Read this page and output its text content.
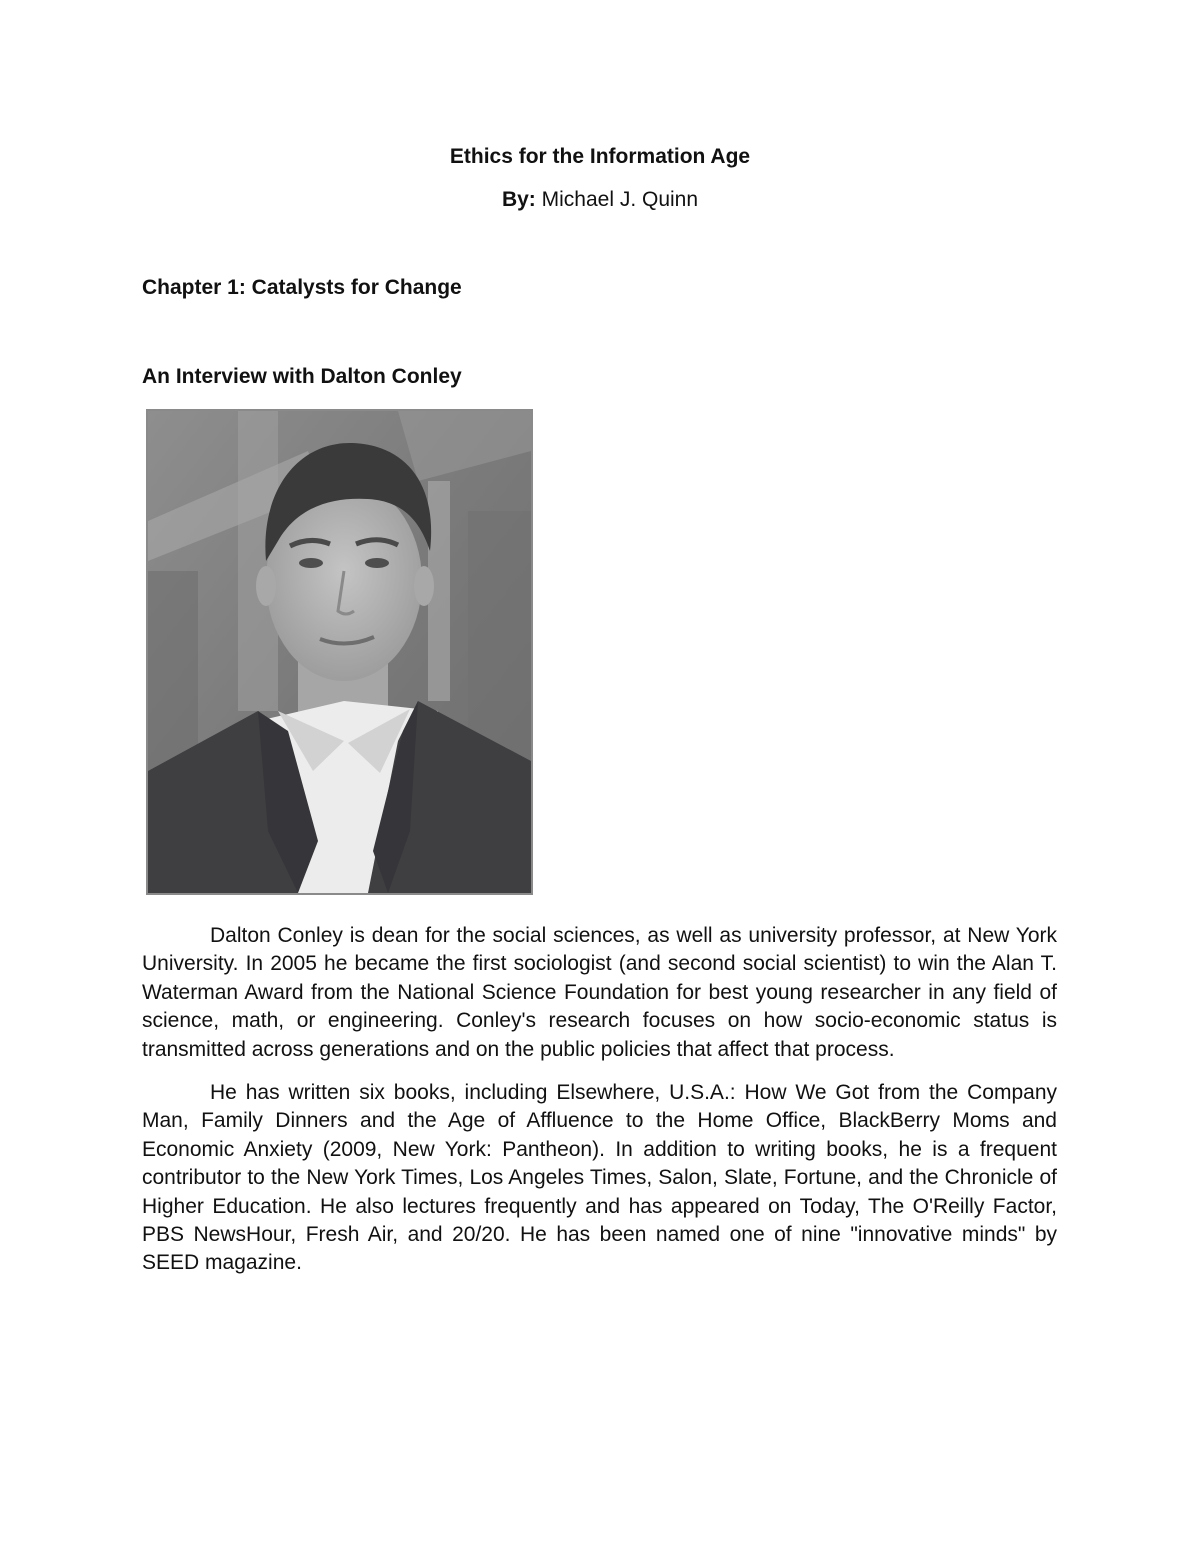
Ethics for the Information Age
By: Michael J. Quinn
Chapter 1: Catalysts for Change
An Interview with Dalton Conley

Dalton Conley is dean for the social sciences, as well as university professor, at New York University. In 2005 he became the first sociologist (and second social scientist) to win the Alan T. Waterman Award from the National Science Foundation for best young researcher in any field of science, math, or engineering. Conley's research focuses on how socio-economic status is transmitted across generations and on the public policies that affect that process.

He has written six books, including Elsewhere, U.S.A.: How We Got from the Company Man, Family Dinners and the Age of Affluence to the Home Office, BlackBerry Moms and Economic Anxiety (2009, New York: Pantheon). In addition to writing books, he is a frequent contributor to the New York Times, Los Angeles Times, Salon, Slate, Fortune, and the Chronicle of Higher Education. He also lectures frequently and has appeared on Today, The O'Reilly Factor, PBS NewsHour, Fresh Air, and 20/20. He has been named one of nine "innovative minds" by SEED magazine.
